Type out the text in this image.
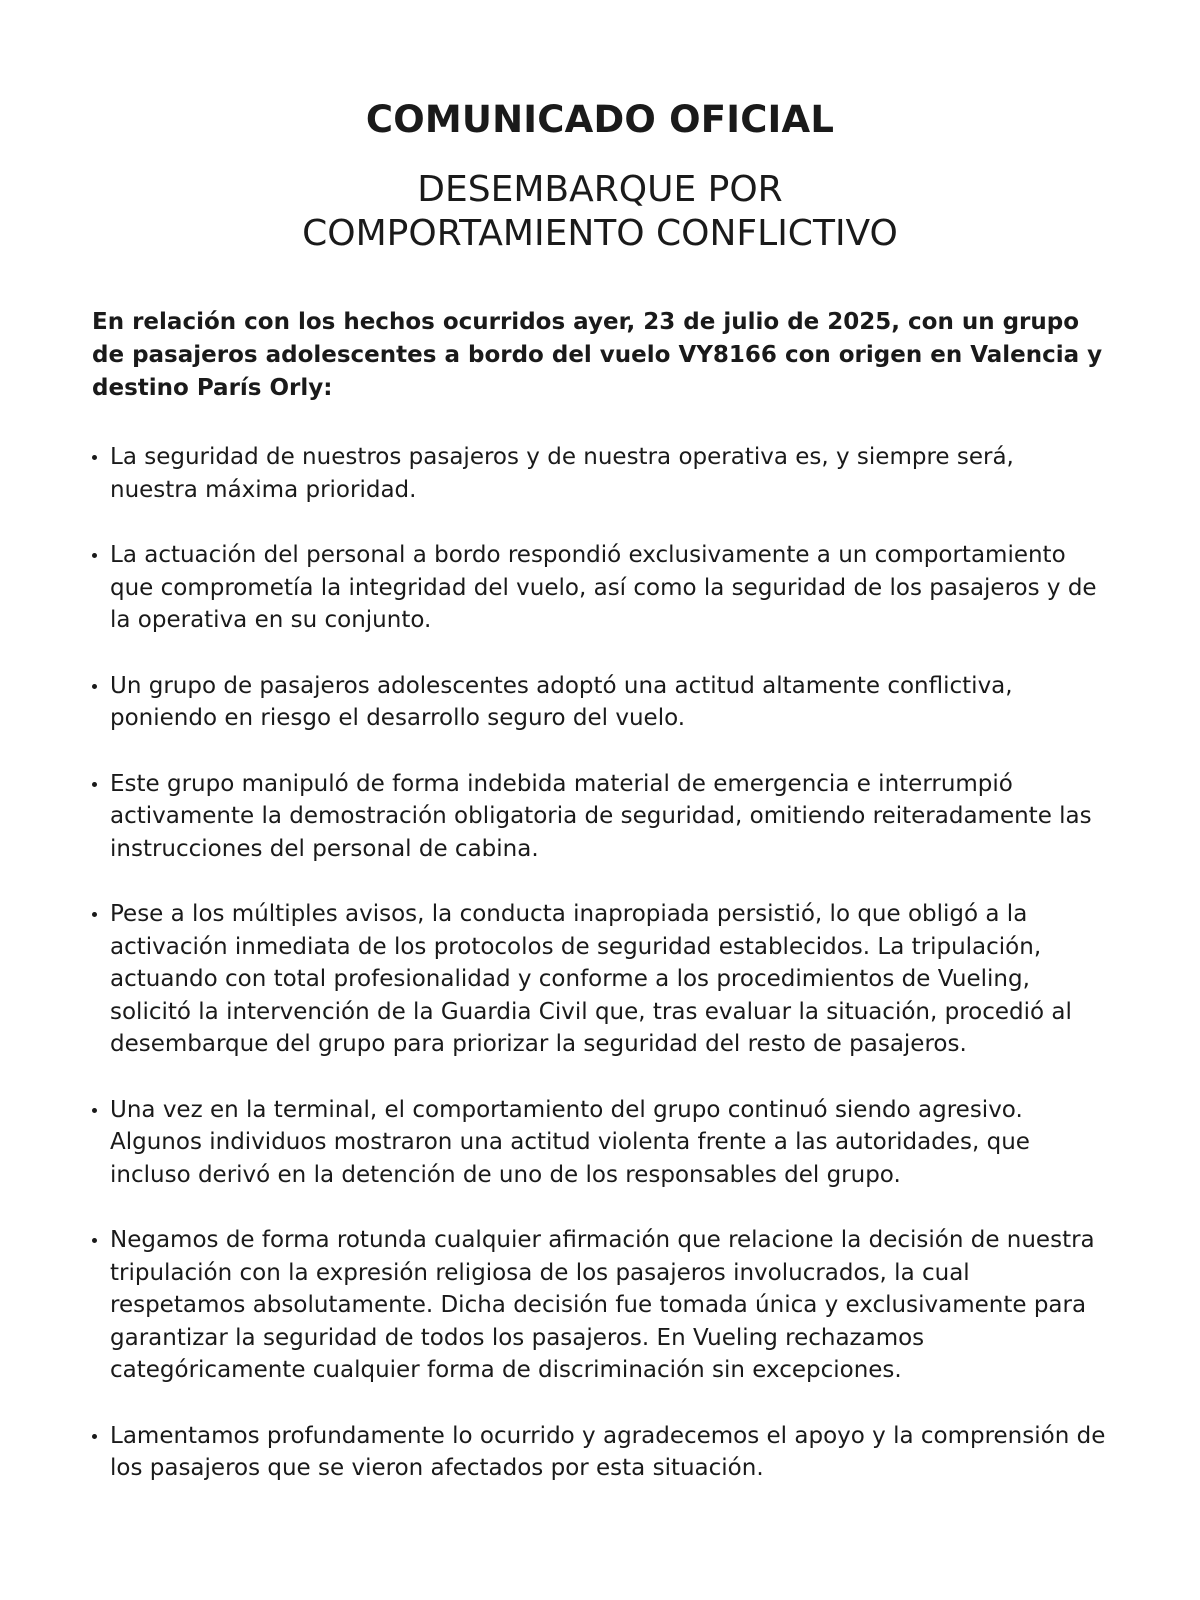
COMUNICADO OFICIAL
DESEMBARQUE POR
COMPORTAMIENTO CONFLICTIVO

En relación con los hechos ocurridos ayer, 23 de julio de 2025, con un grupo de pasajeros adolescentes a bordo del vuelo VY8166 con origen en Valencia y destino París Orly:

La seguridad de nuestros pasajeros y de nuestra operativa es, y siempre será, nuestra máxima prioridad.
La actuación del personal a bordo respondió exclusivamente a un comportamiento que comprometía la integridad del vuelo, así como la seguridad de los pasajeros y de la operativa en su conjunto.
Un grupo de pasajeros adolescentes adoptó una actitud altamente conflictiva, poniendo en riesgo el desarrollo seguro del vuelo.
Este grupo manipuló de forma indebida material de emergencia e interrumpió activamente la demostración obligatoria de seguridad, omitiendo reiteradamente las instrucciones del personal de cabina.
Pese a los múltiples avisos, la conducta inapropiada persistió, lo que obligó a la activación inmediata de los protocolos de seguridad establecidos. La tripulación, actuando con total profesionalidad y conforme a los procedimientos de Vueling, solicitó la intervención de la Guardia Civil que, tras evaluar la situación, procedió al desembarque del grupo para priorizar la seguridad del resto de pasajeros.
Una vez en la terminal, el comportamiento del grupo continuó siendo agresivo. Algunos individuos mostraron una actitud violenta frente a las autoridades, que incluso derivó en la detención de uno de los responsables del grupo.
Negamos de forma rotunda cualquier afirmación que relacione la decisión de nuestra tripulación con la expresión religiosa de los pasajeros involucrados, la cual respetamos absolutamente. Dicha decisión fue tomada única y exclusivamente para garantizar la seguridad de todos los pasajeros. En Vueling rechazamos categóricamente cualquier forma de discriminación sin excepciones.
Lamentamos profundamente lo ocurrido y agradecemos el apoyo y la comprensión de los pasajeros que se vieron afectados por esta situación.
